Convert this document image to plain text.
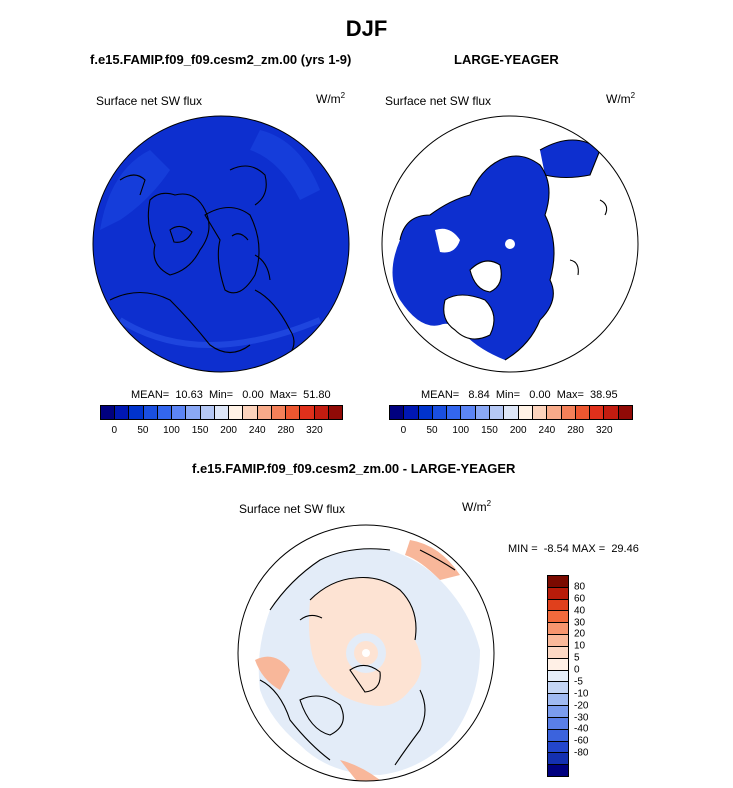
DJF
f.e15.FAMIP.f09_f09.cesm2_zm.00 (yrs 1-9)
Surface net SW flux	$W/m^2$
MEAN=  10.63  Min=   0.00  Max=  51.80
0 50 100 150 200 240 280 320
LARGE-YEAGER
Surface net SW flux	$W/m^2$
MEAN=   8.84  Min=   0.00  Max=  38.95
0 50 100 150 200 240 280 320
f.e15.FAMIP.f09_f09.cesm2_zm.00 - LARGE-YEAGER
Surface net SW flux	$W/m^2$
MIN =  -8.54 MAX =  29.46
80
60
40
30
20
10
5
0
-5
-10
-20
-30
-40
-60
-80
